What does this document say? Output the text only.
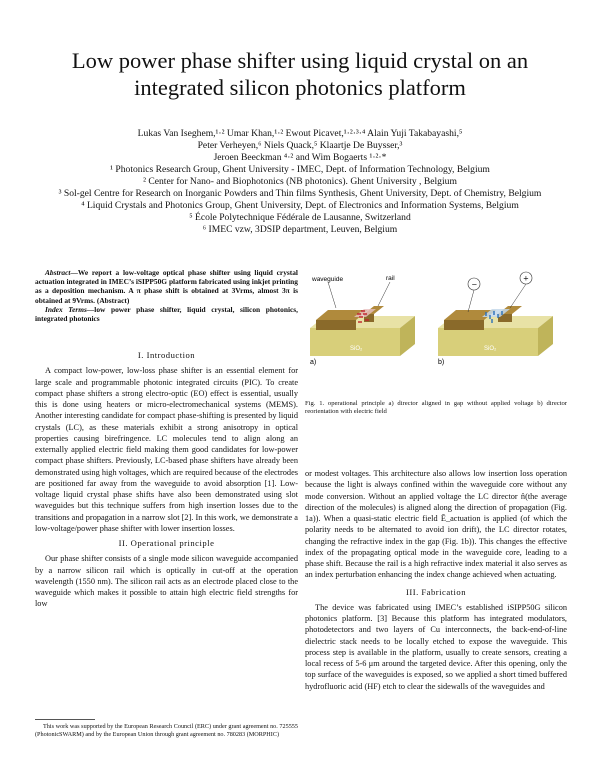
Low power phase shifter using liquid crystal on an
integrated silicon photonics platform
Lukas Van Iseghem,¹·² Umar Khan,¹·² Ewout Picavet,¹·²·³·⁴ Alain Yuji Takabayashi,⁵
Peter Verheyen,⁶ Niels Quack,⁵ Klaartje De Buysser,³
Jeroen Beeckman ⁴·² and Wim Bogaerts ¹·²·*
¹ Photonics Research Group, Ghent University - IMEC, Dept. of Information Technology, Belgium
² Center for Nano- and Biophotonics (NB photonics). Ghent University , Belgium
³ Sol-gel Centre for Research on Inorganic Powders and Thin films Synthesis, Ghent University, Dept. of Chemistry, Belgium
⁴ Liquid Crystals and Photonics Group, Ghent University, Dept. of Electronics and Information Systems, Belgium
⁵ École Polytechnique Fédérale de Lausanne, Switzerland
⁶ IMEC vzw, 3DSIP department, Leuven, Belgium
Abstract—We report a low-voltage optical phase shifter using liquid crystal actuation integrated in IMEC’s iSIPP50G platform fabricated using inkjet printing as a deposition mechanism. A π phase shift is obtained at 3Vrms, almost 3π is obtained at 9Vrms. (Abstract)
Index Terms—low power phase shifter, liquid crystal, silicon photonics, integrated photonics
I. Introduction

A compact low-power, low-loss phase shifter is an essential element for large scale and programmable photonic integrated circuits (PIC). To create compact phase shifters a strong electro-optic (EO) effect is essential, usually this is done using heaters or micro-electromechanical systems (MEMS). Another interesting candidate for compact phase-shifting is presented by liquid crystals (LC), as these materials exhibit a strong anisotropy in optical properties causing birefringence. LC molecules tend to align along an externally applied electric field making them good candidates for low-power compact phase shifters. Previously, LC-based phase shifters have already been demonstrated using high voltages, which are required because of the electrodes are positioned far away from the waveguide to avoid absorption [1]. Low-voltage liquid crystal phase shifts have also been demonstrated using slot waveguides but this technique suffers from high insertion losses due to the transitions and propagation in a narrow slot [2]. In this work, we demonstrate a low-voltage/power phase shifter with lower insertion losses.

II. Operational principle

Our phase shifter consists of a single mode silicon waveguide accompanied by a narrow silicon rail which is optically in cut-off at the operation wavelength (1550 nm). The silicon rail acts as an electrode placed close to the waveguide which makes it possible to attain high electric field strengths for low

This work was supported by the European Research Council (ERC) under grant agreement no. 725555 (PhotonicSWARM) and by the European Union through grant agreement no. 780283 (MORPHIC)
waveguide	rail
a)
SiO₂
−
+
b)
SiO₂
Fig. 1. operational principle a) director aligned in gap without applied voltage b) director reorientation with electric field

or modest voltages. This architecture also allows low insertion loss operation because the light is always confined within the waveguide core without any mode conversion. Without an applied voltage the LC director n̂(the average direction of the molecules) is aligned along the direction of propagation (Fig. 1a)). When a quasi-static electric field Ē_actuation is applied (of which the polarity needs to be alternated to avoid ion drift), the LC director rotates, changing the refractive index in the gap (Fig. 1b)). This changes the effective index of the propagating optical mode in the waveguide core, leading to a phase shift. Because the rail is a high refractive index material it also serves as an index perturbation enhancing the index change achieved when actuating.

III. Fabrication

The device was fabricated using IMEC’s established iSIPP50G silicon photonics platform. [3] Because this platform has integrated modulators, photodetectors and two layers of Cu interconnects, the back-end-of-line dielectric stack needs to be locally etched to expose the waveguide. This process step is available in the platform, usually to create sensors, creating a local recess of 5-6 μm around the targeted device. After this opening, only the top surface of the waveguides is exposed, so we applied a short timed buffered hydrofluoric acid (HF) etch to clear the sidewalls of the waveguides and
